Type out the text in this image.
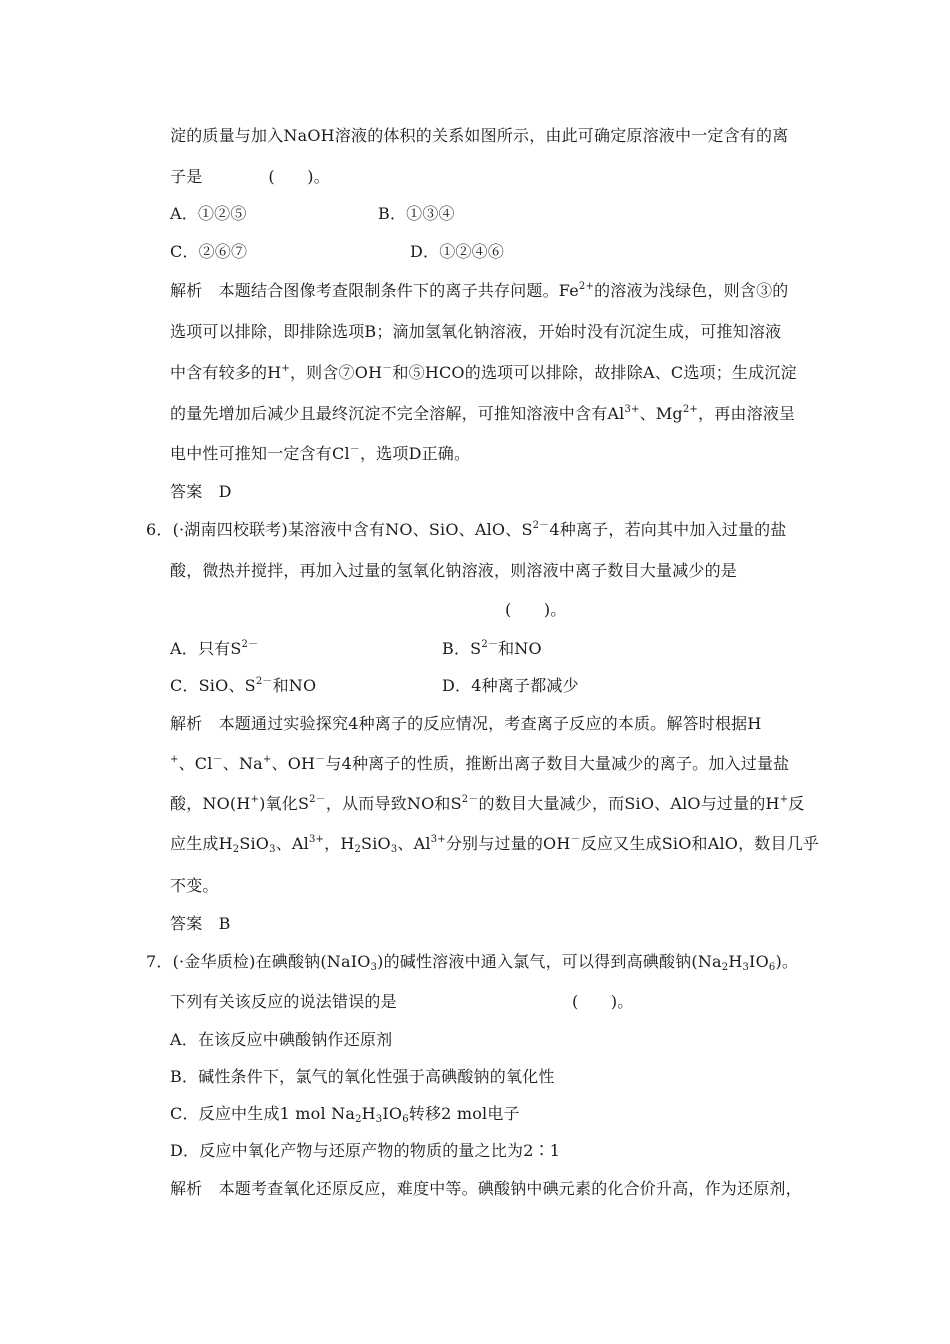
淀的质量与加入NaOH溶液的体积的关系如图所示，由此可确定原溶液中一定含有的离
子是	(　　)。
A．①②⑤	B．①③④
C．②⑥⑦	D．①②④⑥
解析　本题结合图像考查限制条件下的离子共存问题。$Fe^{2+}$的溶液为浅绿色，则含③的
选项可以排除，即排除选项B；滴加氢氧化钠溶液，开始时没有沉淀生成，可推知溶液
中含有较多的H+，则含⑦OH－和⑤HCO的选项可以排除，故排除A、C选项；生成沉淀
的量先增加后减少且最终沉淀不完全溶解，可推知溶液中含有$Al^{3+}$、$Mg^{2+}$，再由溶液呈
电中性可推知一定含有Cl－，选项D正确。
答案　D
6．(·湖南四校联考)某溶液中含有NO、SiO、AlO、$S^{2-}4$种离子，若向其中加入过量的盐
酸，微热并搅拌，再加入过量的氢氧化钠溶液，则溶液中离子数目大量减少的是
(　　)。
A．只有$S^{2-}$	B．$S^{2-}$和NO
C．SiO、$S^{2-}$和NO	D．4种离子都减少
解析　本题通过实验探究4种离子的反应情况，考查离子反应的本质。解答时根据H
+、Cl－、Na+、OH－与4种离子的性质，推断出离子数目大量减少的离子。加入过量盐
酸，NO(H+)氧化$S^{2-}$，从而导致NO和$S^{2-}$的数目大量减少，而SiO、AlO与过量的H+反
应生成$H_2SiO_3$、$Al^{3+}$，$H_2SiO_3$、$Al^{3+}$分别与过量的OH－反应又生成SiO和AlO，数目几乎
不变。
答案　B
7．(·金华质检)在碘酸钠(NaIO$_3$)的碱性溶液中通入氯气，可以得到高碘酸钠$(Na_2H_3IO_6)$。
下列有关该反应的说法错误的是	(　　)。
A．在该反应中碘酸钠作还原剂
B．碱性条件下，氯气的氧化性强于高碘酸钠的氧化性
C．反应中生成1 mol $Na_2H_3IO_6$转移2 mol电子
D．反应中氧化产物与还原产物的物质的量之比为2∶1
解析　本题考查氧化还原反应，难度中等。碘酸钠中碘元素的化合价升高，作为还原剂，
